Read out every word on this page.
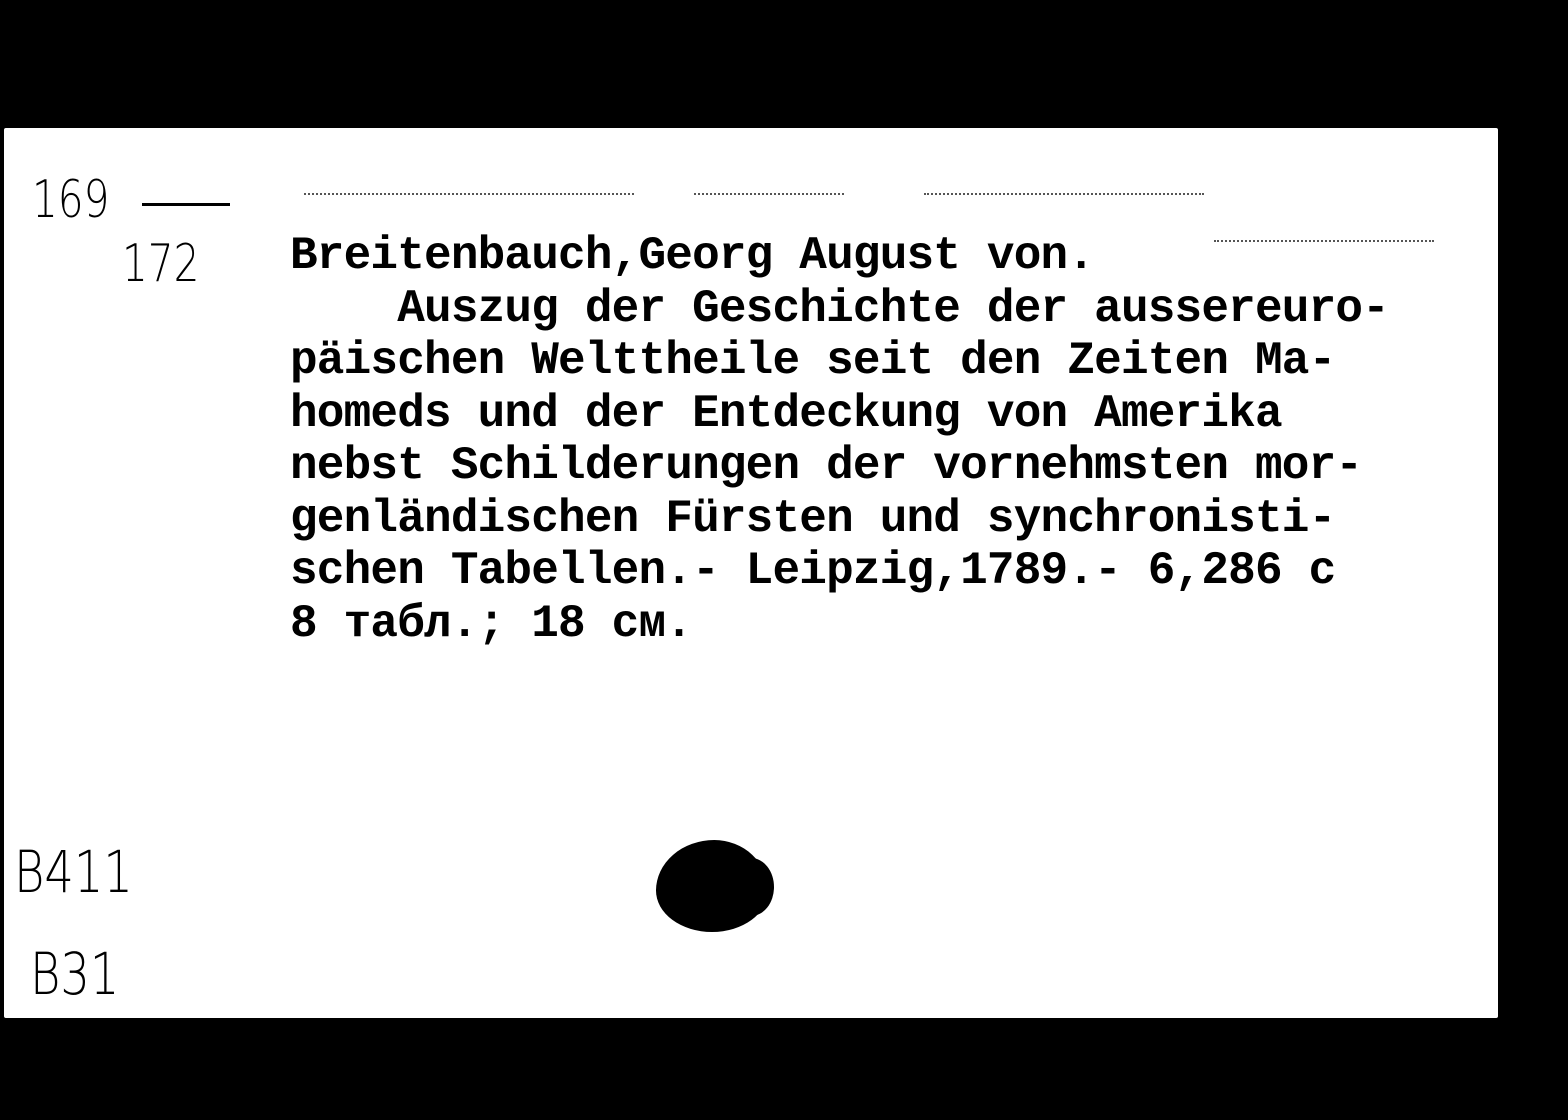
169
172 Breitenbauch,Georg August von.
Auszug der Geschichte der aussereuro-
päischen Welttheile seit den Zeiten Ma-
homeds und der Entdeckung von Amerika
nebst Schilderungen der vornehmsten mor-
genländischen Fürsten und synchronisti-
schen Tabellen.- Leipzig,1789.- 6,286 c
8 табл.; 18 см.
B411
B31
